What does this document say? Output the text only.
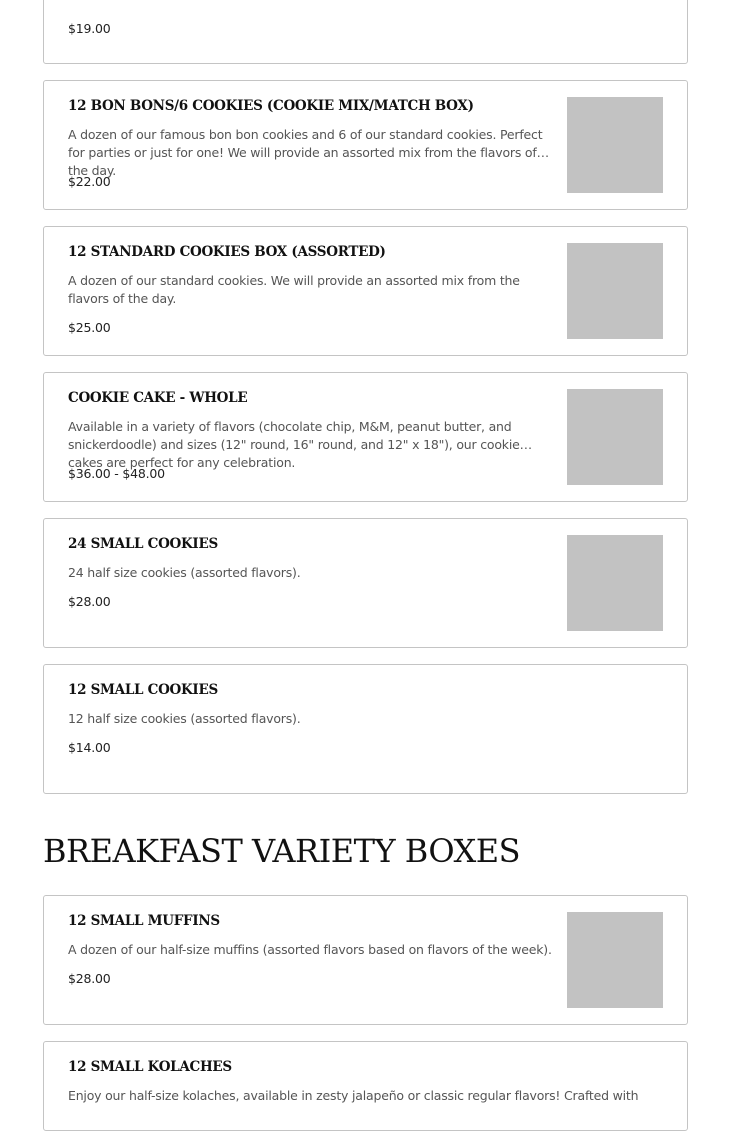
$19.00
12 BON BONS/6 COOKIES (COOKIE MIX/MATCH BOX)
A dozen of our famous bon bon cookies and 6 of our standard cookies. Perfect for parties or just for one! We will provide an assorted mix from the flavors of the day.
$22.00
12 STANDARD COOKIES BOX (ASSORTED)
A dozen of our standard cookies. We will provide an assorted mix from the flavors of the day.
$25.00
COOKIE CAKE - WHOLE
Available in a variety of flavors (chocolate chip, M&M, peanut butter, and snickerdoodle) and sizes (12" round, 16" round, and 12" x 18"), our cookie cakes are perfect for any celebration.
$36.00 - $48.00
24 SMALL COOKIES
24 half size cookies (assorted flavors).
$28.00
12 SMALL COOKIES
12 half size cookies (assorted flavors).
$14.00
BREAKFAST VARIETY BOXES
12 SMALL MUFFINS
A dozen of our half-size muffins (assorted flavors based on flavors of the week).
$28.00
12 SMALL KOLACHES
Enjoy our half-size kolaches, available in zesty jalapeño or classic regular flavors! Crafted with
